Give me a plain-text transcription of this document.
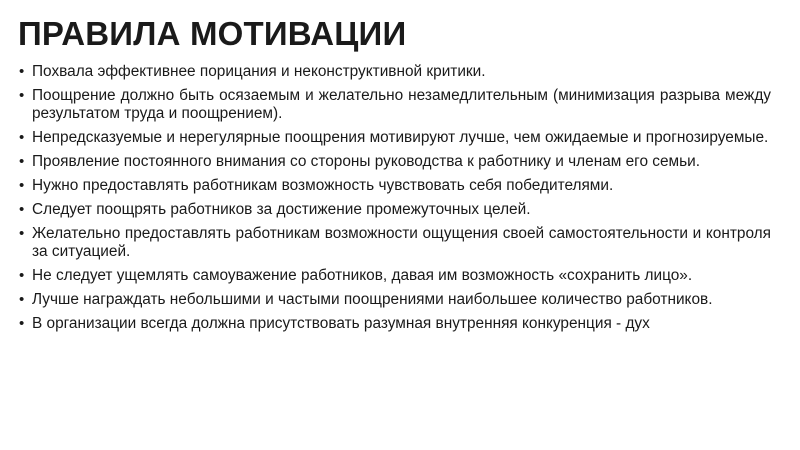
ПРАВИЛА МОТИВАЦИИ
• Похвала эффективнее порицания и неконструктивной критики.
• Поощрение должно быть осязаемым и желательно незамедлительным (минимизация разрыва между результатом труда и поощрением).
• Непредсказуемые и нерегулярные поощрения мотивируют лучше, чем ожидаемые и прогнозируемые.
• Проявление постоянного внимания со стороны руководства к работнику и членам его семьи.
• Нужно предоставлять работникам возможность чувствовать себя победителями.
• Следует поощрять работников за достижение промежуточных целей.
• Желательно предоставлять работникам возможности ощущения своей самостоятельности и контроля за ситуацией.
• Не следует ущемлять самоуважение работников, давая им возможность «сохранить лицо».
• Лучше награждать небольшими и частыми поощрениями наибольшее количество работников.
• В организации всегда должна присутствовать разумная внутренняя конкуренция - дух
